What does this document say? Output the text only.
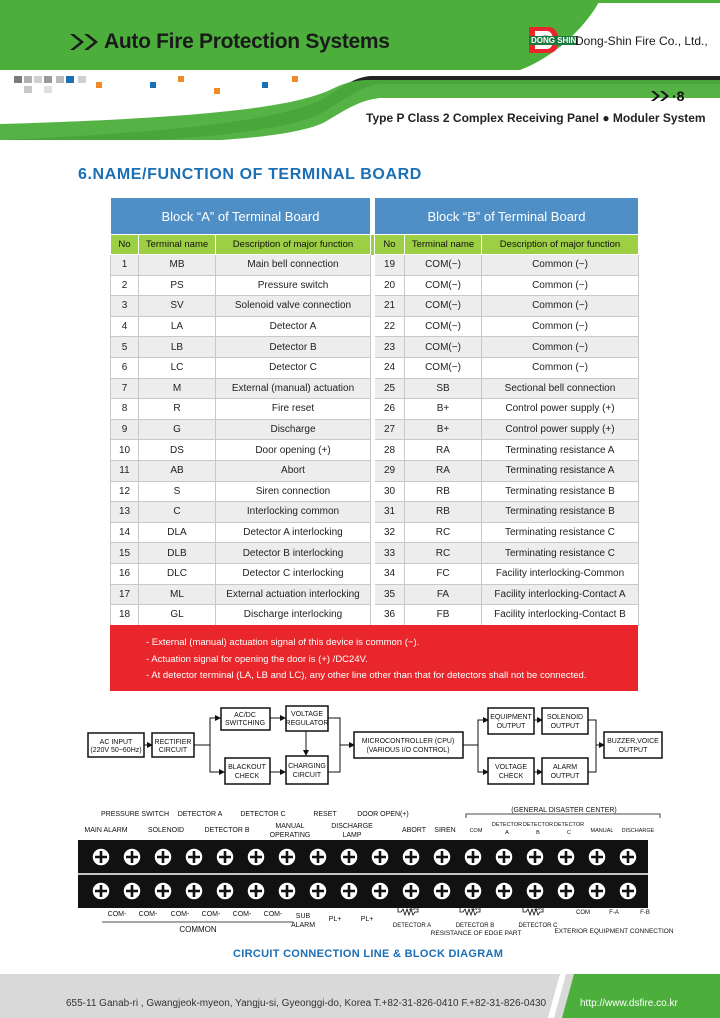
Auto Fire Protection Systems	DONG SHIN
Dong-Shin Fire Co., Ltd.,
·8
Type P Class 2 Complex Receiving Panel ● Moduler System
6.NAME/FUNCTION OF TERMINAL BOARD
Block “A” of Terminal Board				Block “B” of Terminal Board		
No	Terminal name	Description of major function		No	Terminal name	Description of major function
1	MB	Main bell connection		19	COM(−)	Common (−)
2	PS	Pressure switch		20	COM(−)	Common (−)
3	SV	Solenoid valve connection		21	COM(−)	Common (−)
4	LA	Detector A		22	COM(−)	Common (−)
5	LB	Detector B		23	COM(−)	Common (−)
6	LC	Detector C		24	COM(−)	Common (−)
7	M	External (manual) actuation		25	SB	Sectional bell connection
8	R	Fire reset		26	B+	Control power supply (+)
9	G	Discharge		27	B+	Control power supply (+)
10	DS	Door opening (+)		28	RA	Terminating resistance A
11	AB	Abort		29	RA	Terminating resistance A
12	S	Siren connection		30	RB	Terminating resistance B
13	C	Interlocking common		31	RB	Terminating resistance B
14	DLA	Detector A interlocking		32	RC	Terminating resistance C
15	DLB	Detector B interlocking		33	RC	Terminating resistance C
16	DLC	Detector C interlocking		34	FC	Facility interlocking-Common
17	ML	External actuation interlocking		35	FA	Facility interlocking-Contact A
18	GL	Discharge interlocking		36	FB	Facility interlocking-Contact B
- External (manual) actuation signal of this device is common (−).
- Actuation signal for opening the door is (+) /DC24V.
- At detector terminal (LA, LB and LC), any other line other than that for detectors shall not be connected.
AC INPUT
(220V 50~60Hz)
RECTIFIER
CIRCUIT
AC/DC
SWITCHING
VOLTAGE
REGULATOR
BLACKOUT
CHECK
CHARGING
CIRCUIT
MICROCONTROLLER (CPU)
(VARIOUS I/O CONTROL)
EQUIPMENT
OUTPUT
SOLENOID
OUTPUT
VOLTAGE
CHECK
ALARM
OUTPUT
BUZZER,VOICE
OUTPUT
PRESSURE SWITCH DETECTOR A	DETECTOR C	RESET	DOOR OPEN(+)
(GENERAL DISASTER CENTER)
MAIN ALARM	SOLENOID	DETECTOR B
MANUAL
OPERATING
DISCHARGE
LAMP
ABORT SIREN	COM
DETECTOR
A
DETECTOR
B
DETECTOR
C	MANUAL DISCHARGE
COM- COM- COM- COM- COM- COM-
COMMON
SUB
ALARM
PL+	PL+
10K	10K	10K
DETECTOR A	DETECTOR B	DETECTOR C
RESISTANCE OF EDGE PART
COM	F-A	F-B
EXTERIOR EQUIPMENT CONNECTION
CIRCUIT CONNECTION LINE & BLOCK DIAGRAM
655-11 Ganab-ri , Gwangjeok-myeon, Yangju-si, Gyeonggi-do, Korea T.+82-31-826-0410 F.+82-31-826-0430	http://www.dsfire.co.kr
